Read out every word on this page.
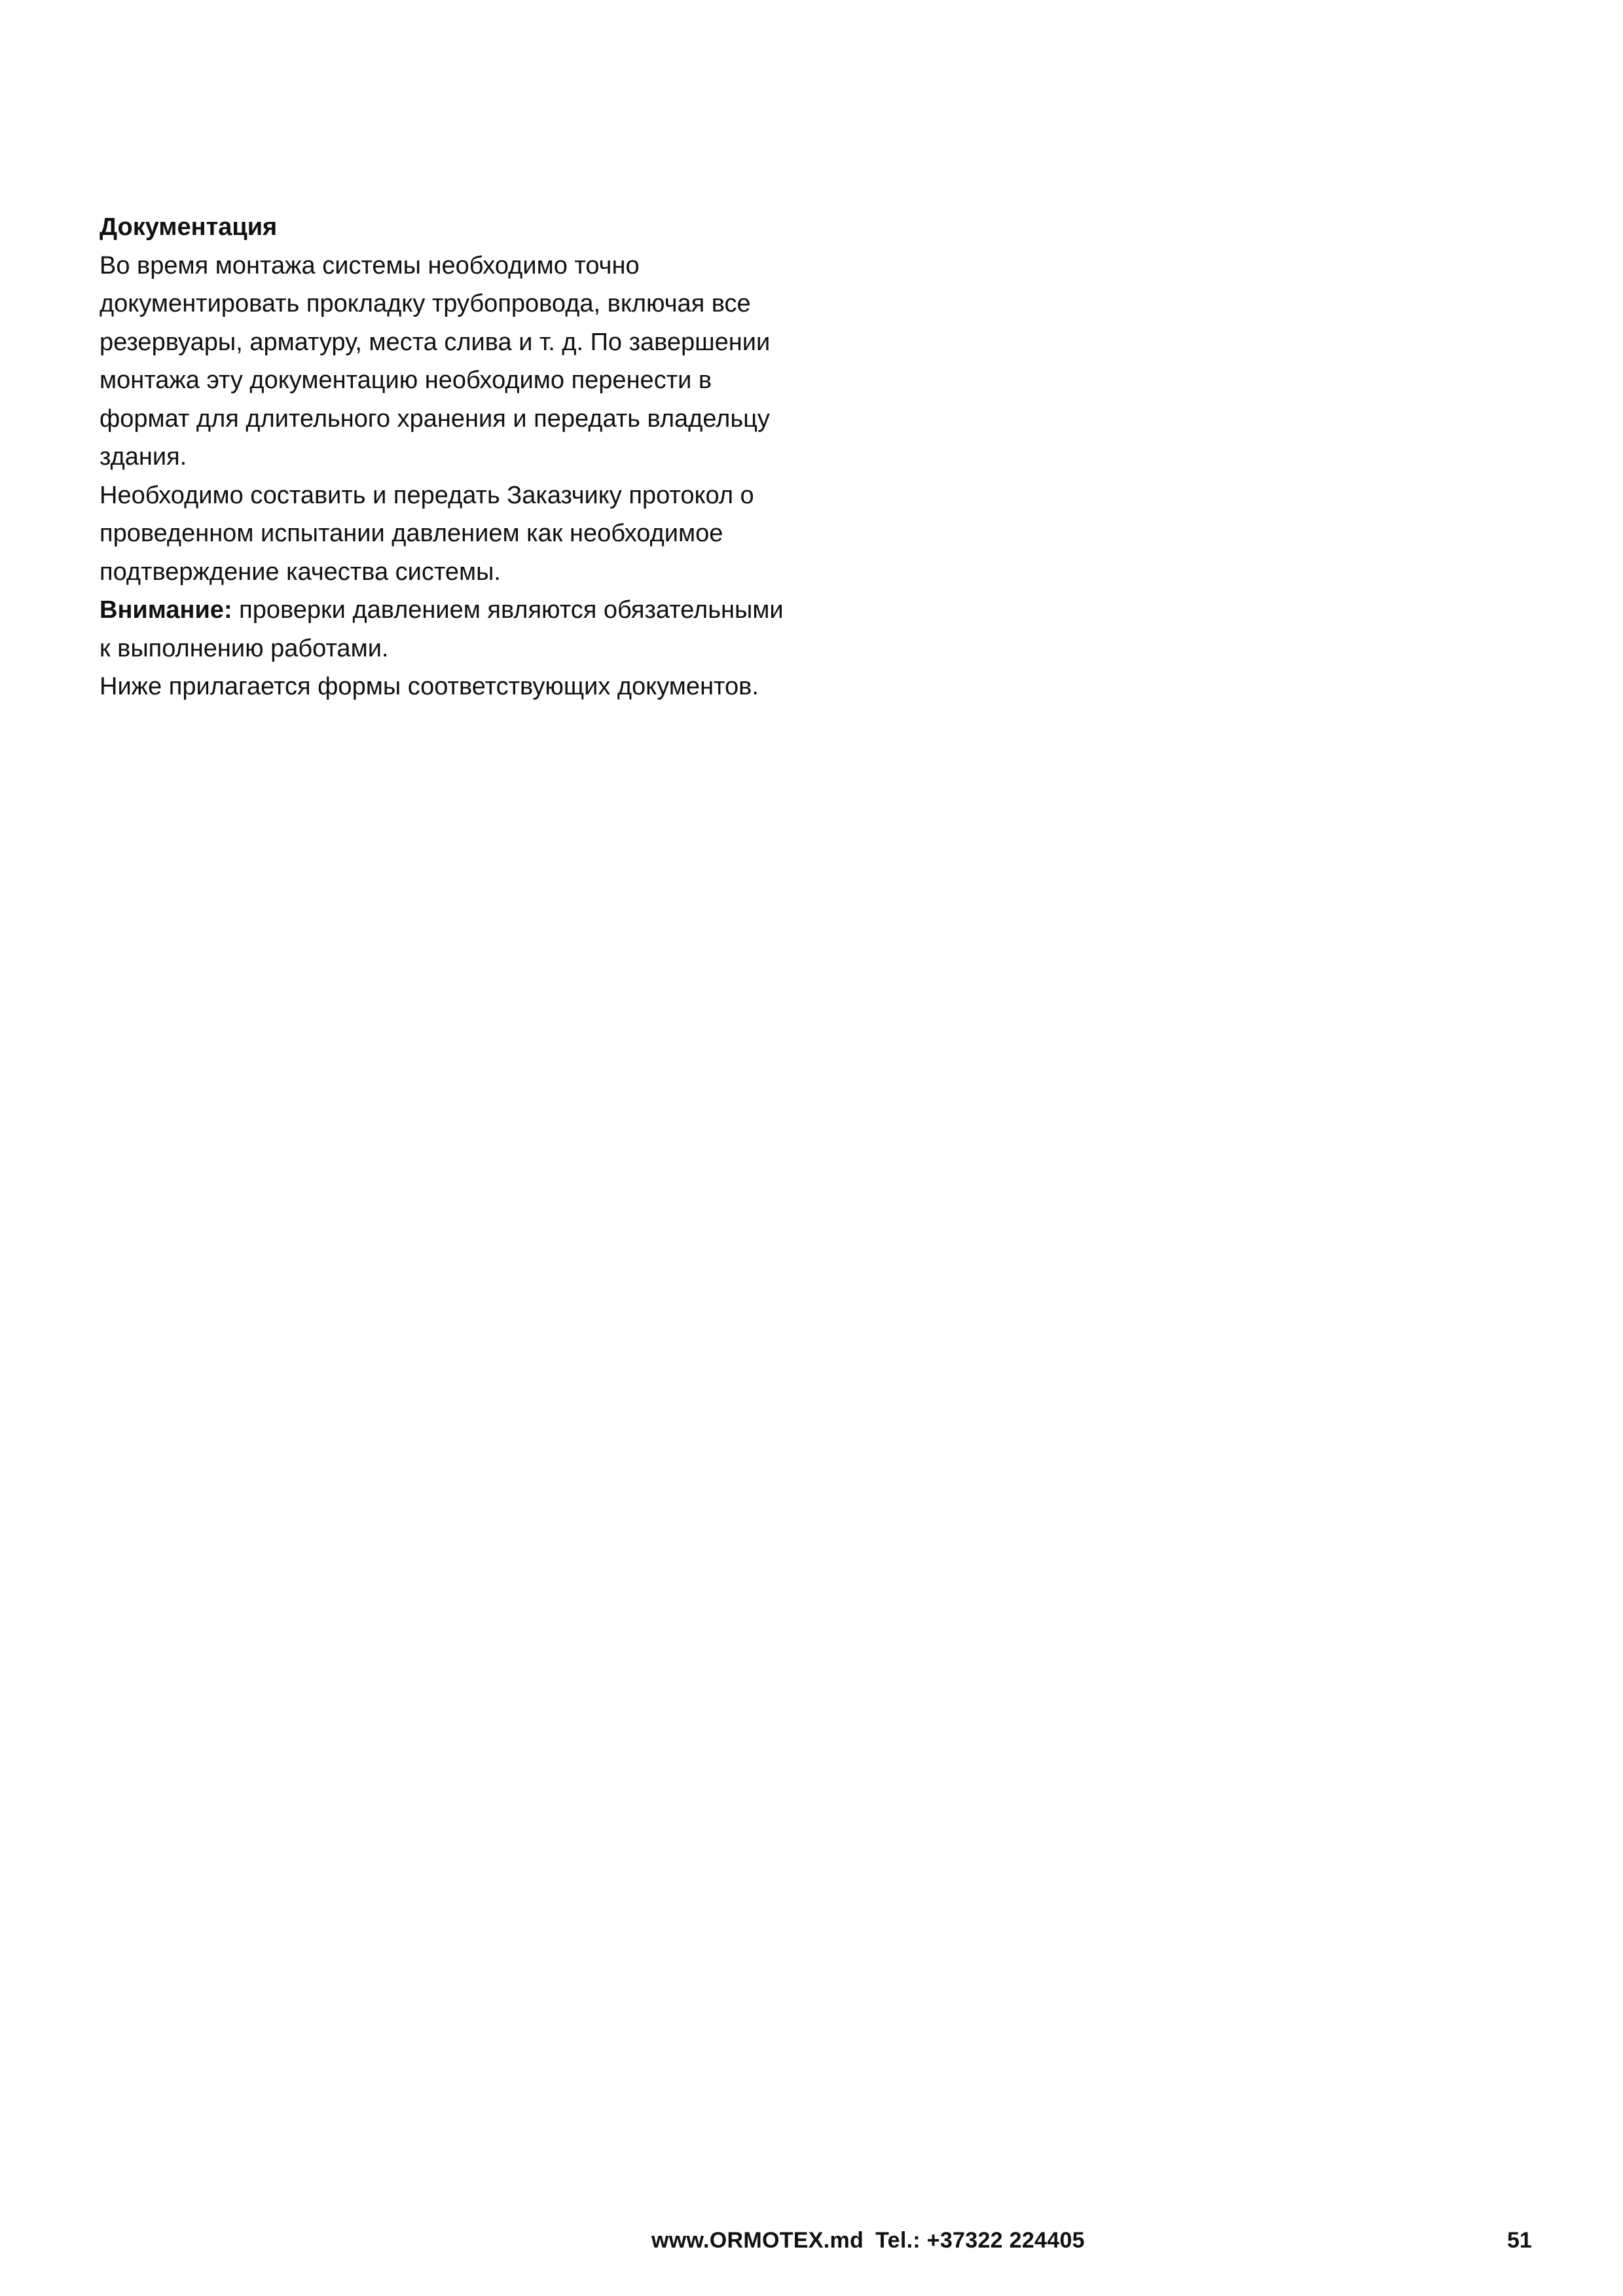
Документация
Во время монтажа системы необходимо точно
документировать прокладку трубопровода, включая все
резервуары, арматуру, места слива и т. д. По завершении
монтажа эту документацию необходимо перенести в
формат для длительного хранения и передать владельцу
здания.
Необходимо составить и передать Заказчику протокол о
проведенном испытании давлением как необходимое
подтверждение качества системы.
Внимание: проверки давлением являются обязательными
к выполнению работами.
Ниже прилагается формы соответствующих документов.
www.ORMOTEX.md Tel.: +37322 224405	51
